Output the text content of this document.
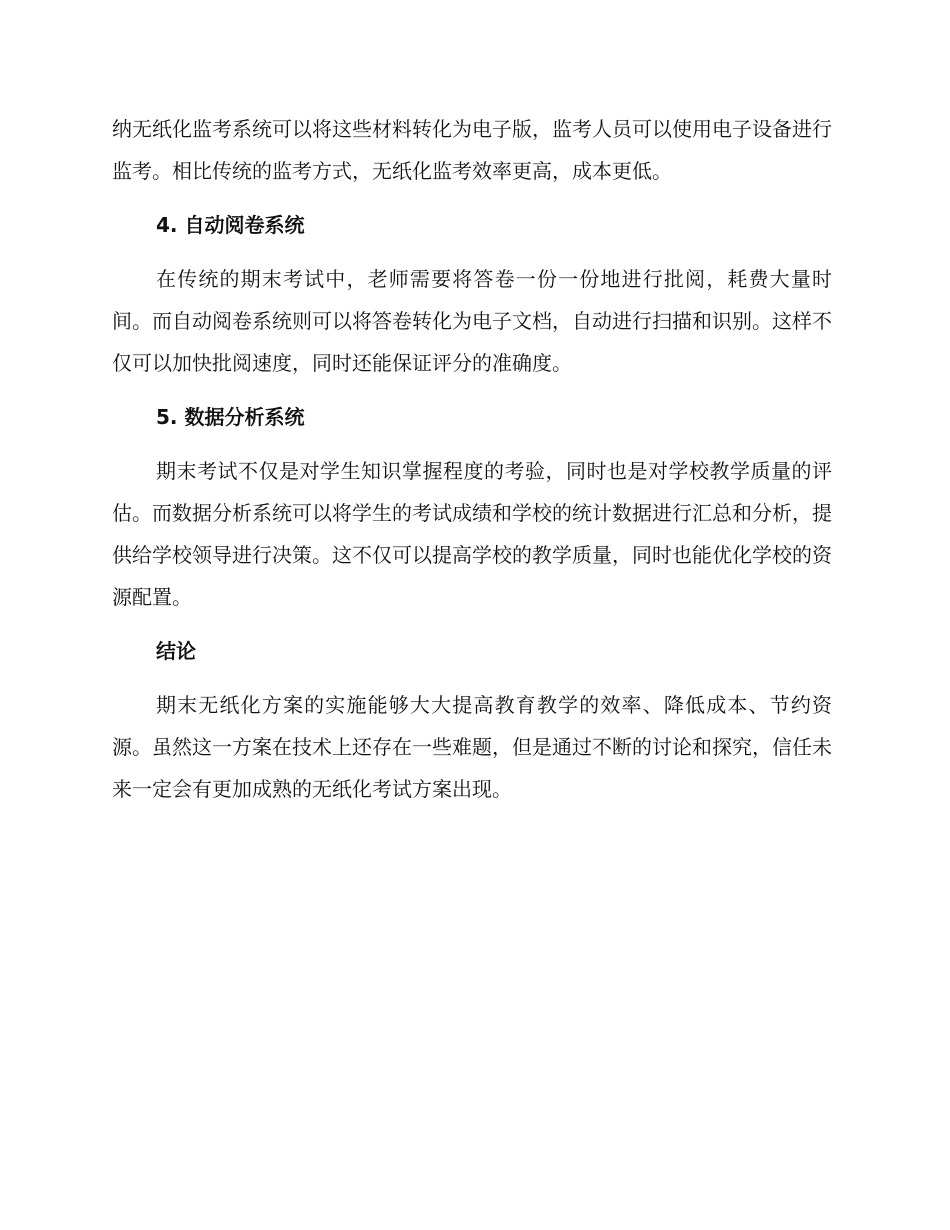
纳无纸化监考系统可以将这些材料转化为电子版，监考人员可以使用电子设备进行监考。相比传统的监考方式，无纸化监考效率更高，成本更低。

4. 自动阅卷系统

在传统的期末考试中，老师需要将答卷一份一份地进行批阅，耗费大量时间。而自动阅卷系统则可以将答卷转化为电子文档，自动进行扫描和识别。这样不仅可以加快批阅速度，同时还能保证评分的准确度。

5. 数据分析系统

期末考试不仅是对学生知识掌握程度的考验，同时也是对学校教学质量的评估。而数据分析系统可以将学生的考试成绩和学校的统计数据进行汇总和分析，提供给学校领导进行决策。这不仅可以提高学校的教学质量，同时也能优化学校的资源配置。

结论

期末无纸化方案的实施能够大大提高教育教学的效率、降低成本、节约资源。虽然这一方案在技术上还存在一些难题，但是通过不断的讨论和探究，信任未来一定会有更加成熟的无纸化考试方案出现。
